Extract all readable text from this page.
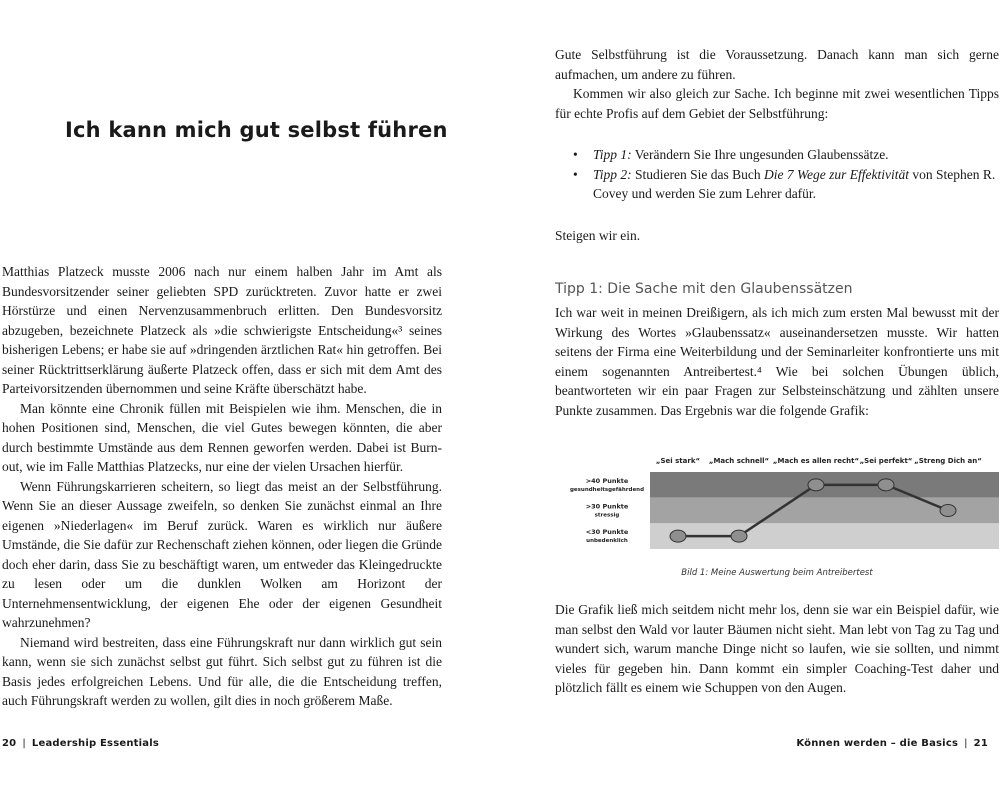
Ich kann mich gut selbst führen

Matthias Platzeck musste 2006 nach nur einem halben Jahr im Amt als Bundesvorsitzender seiner geliebten SPD zurücktreten. Zuvor hatte er zwei Hörstürze und einen Nervenzusammenbruch erlitten. Den Bundesvorsitz abzugeben, bezeichnete Platzeck als »die schwierigste Entscheidung«³ seines bisherigen Lebens; er habe sie auf »dringenden ärztlichen Rat« hin getroffen. Bei seiner Rücktrittserklärung äußerte Platzeck offen, dass er sich mit dem Amt des Parteivorsitzenden übernommen und seine Kräfte überschätzt habe.

Man könnte eine Chronik füllen mit Beispielen wie ihm. Menschen, die in hohen Positionen sind, Menschen, die viel Gutes bewegen könnten, die aber durch bestimmte Umstände aus dem Rennen geworfen werden. Dabei ist Burn-out, wie im Falle Matthias Platzecks, nur eine der vielen Ursachen hierfür.

Wenn Führungskarrieren scheitern, so liegt das meist an der Selbstführung. Wenn Sie an dieser Aussage zweifeln, so denken Sie zunächst einmal an Ihre eigenen »Niederlagen« im Beruf zurück. Waren es wirklich nur äußere Umstände, die Sie dafür zur Rechenschaft ziehen können, oder liegen die Gründe doch eher darin, dass Sie zu beschäftigt waren, um entweder das Kleingedruckte zu lesen oder um die dunklen Wolken am Horizont der Unternehmensentwicklung, der eigenen Ehe oder der eigenen Gesundheit wahrzunehmen?

Niemand wird bestreiten, dass eine Führungskraft nur dann wirklich gut sein kann, wenn sie sich zunächst selbst gut führt. Sich selbst gut zu führen ist die Basis jedes erfolgreichen Lebens. Und für alle, die die Entscheidung treffen, auch Führungskraft werden zu wollen, gilt dies in noch größerem Maße.

20 | Leadership Essentials

Gute Selbstführung ist die Voraussetzung. Danach kann man sich gerne aufmachen, um andere zu führen.

Kommen wir also gleich zur Sache. Ich beginne mit zwei wesentlichen Tipps für echte Profis auf dem Gebiet der Selbstführung:

• Tipp 1: Verändern Sie Ihre ungesunden Glaubenssätze.
• Tipp 2: Studieren Sie das Buch Die 7 Wege zur Effektivität von Stephen R. Covey und werden Sie zum Lehrer dafür.

Steigen wir ein.

Tipp 1: Die Sache mit den Glaubenssätzen

Ich war weit in meinen Dreißigern, als ich mich zum ersten Mal bewusst mit der Wirkung des Wortes »Glaubenssatz« auseinandersetzen musste. Wir hatten seitens der Firma eine Weiterbildung und der Seminarleiter konfrontierte uns mit einem sogenannten Antreibertest.⁴ Wie bei solchen Übungen üblich, beantworteten wir ein paar Fragen zur Selbsteinschätzung und zählten unsere Punkte zusammen. Das Ergebnis war die folgende Grafik:

>40 Punkte
gesundheitsgefährdend
>30 Punkte
stressig
<30 Punkte
unbedenklich
„Sei stark“ „Mach schnell“ „Mach es allen recht“ „Sei perfekt“ „Streng Dich an“
Bild 1: Meine Auswertung beim Antreibertest

Die Grafik ließ mich seitdem nicht mehr los, denn sie war ein Beispiel dafür, wie man selbst den Wald vor lauter Bäumen nicht sieht. Man lebt von Tag zu Tag und wundert sich, warum manche Dinge nicht so laufen, wie sie sollten, und nimmt vieles für gegeben hin. Dann kommt ein simpler Coaching-Test daher und plötzlich fällt es einem wie Schuppen von den Augen.

Können werden – die Basics | 21
